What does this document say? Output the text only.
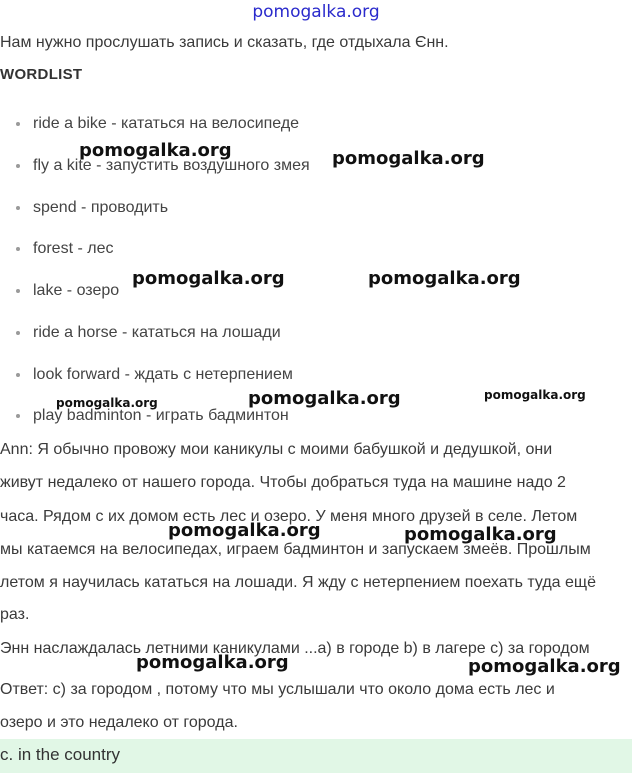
pomogalka.org

Нам нужно прослушать запись и сказать, где отдыхала Єнн.

WORDLIST
ride a bike - кататься на велосипеде
fly a kite - запустить воздушного змея
spend - проводить
forest - лес
lake - озеро
ride a horse - кататься на лошади
look forward - ждать с нетерпением
play badminton - играть бадминтон

Ann: Я обычно провожу мои каникулы с моими бабушкой и дедушкой, они

живут недалеко от нашего города. Чтобы добраться туда на машине надо 2

часа. Рядом с их домом есть лес и озеро. У меня много друзей в селе. Летом

мы катаемся на велосипедах, играем бадминтон и запускаем змеёв. Прошлым

летом я научилась кататься на лошади. Я жду с нетерпением поехать туда ещё

раз.

Энн наслаждалась летними каникулами ...а) в городе b) в лагере с) за городом

Ответ: с) за городом , потому что мы услышали что около дома есть лес и

озеро и это недалеко от города.

c. in the country
pomogalka.org	pomogalka.org
pomogalka.org	pomogalka.org
pomogalka.org	pomogalka.org	pomogalka.org
pomogalka.org	pomogalka.org
pomogalka.org	pomogalka.org
